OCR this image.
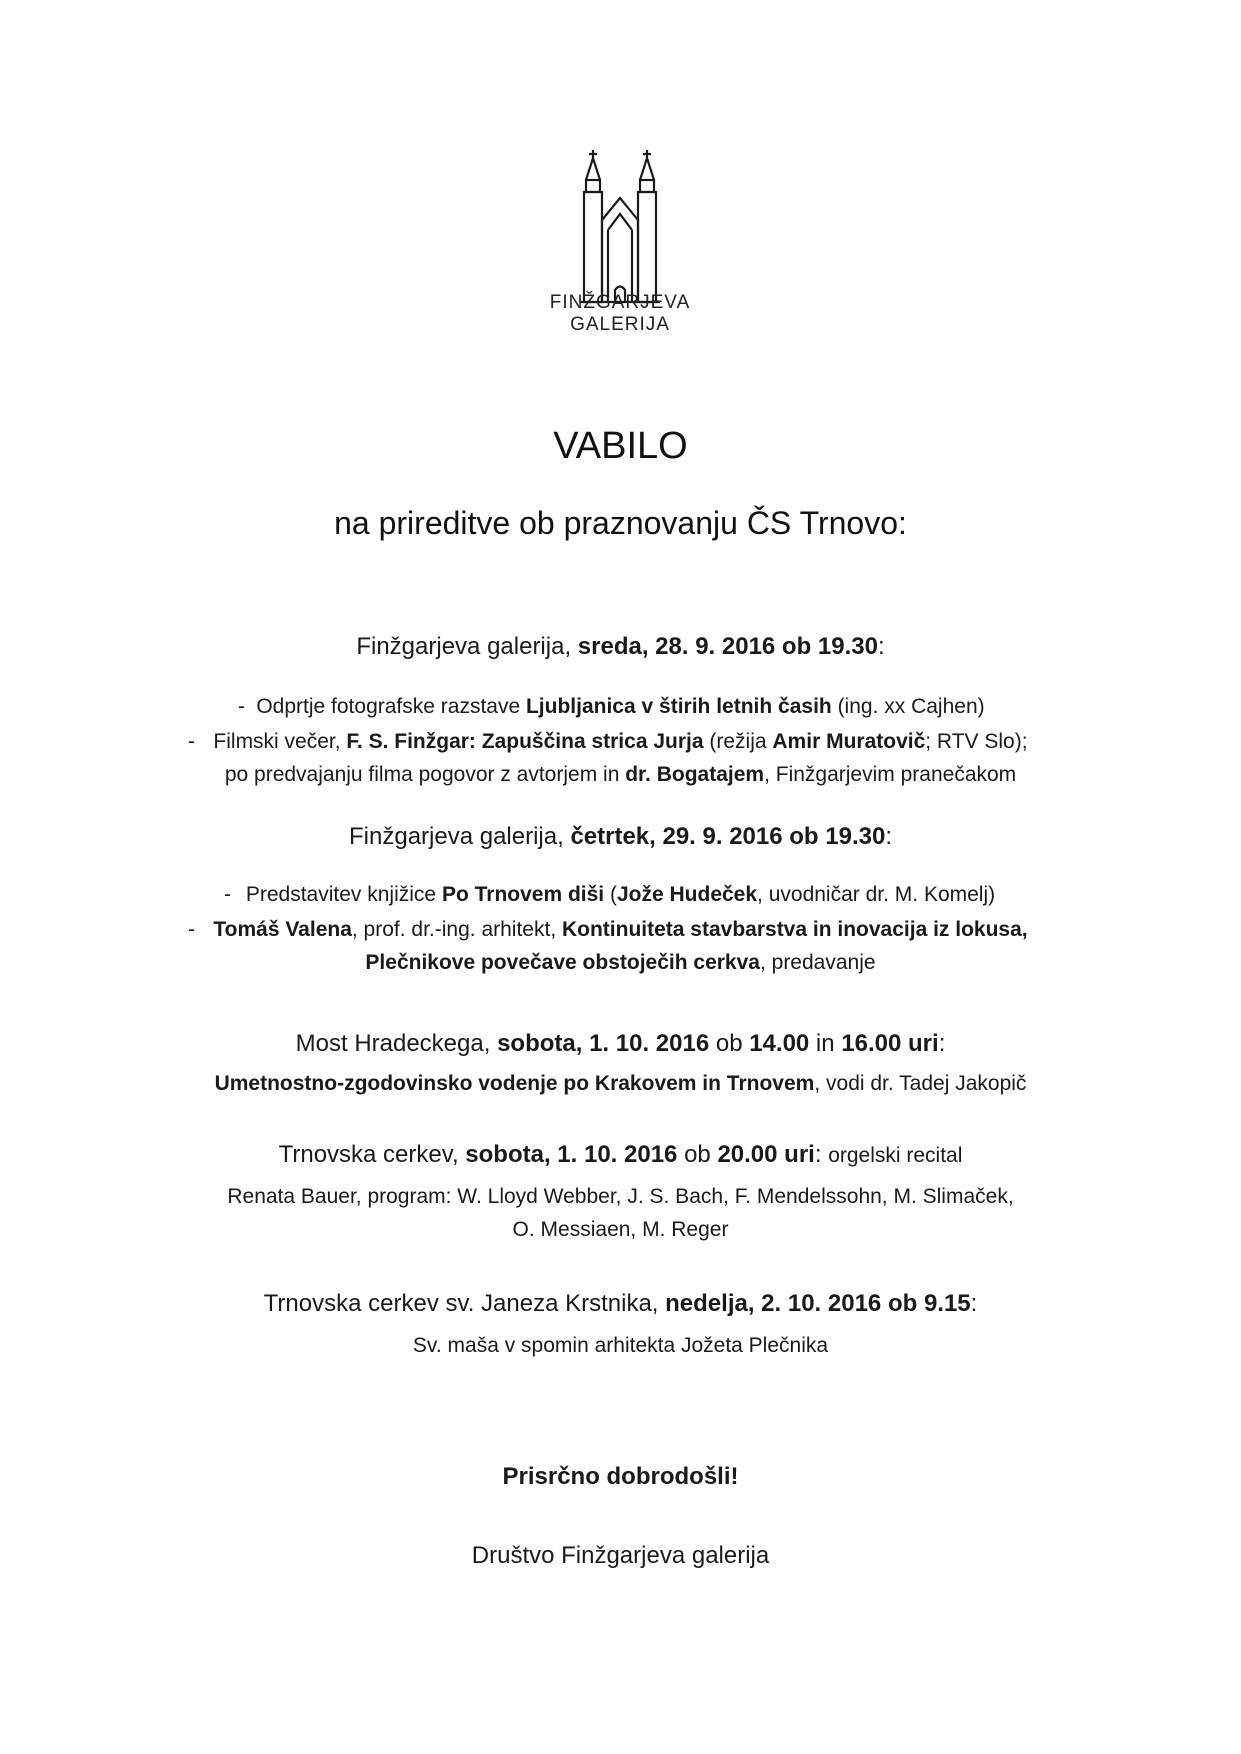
FINŽGARJEVA
GALERIJA
VABILO
na prireditve ob praznovanju ČS Trnovo:
Finžgarjeva galerija, sreda, 28. 9. 2016 ob 19.30:
- Odprtje fotografske razstave Ljubljanica v štirih letnih časih (ing. xx Cajhen)
- Filmski večer, F. S. Finžgar: Zapuščina strica Jurja (režija Amir Muratovič; RTV Slo);
po predvajanju filma pogovor z avtorjem in dr. Bogatajem, Finžgarjevim pranečakom
Finžgarjeva galerija, četrtek, 29. 9. 2016 ob 19.30:
- Predstavitev knjižice Po Trnovem diši (Jože Hudeček, uvodničar dr. M. Komelj)
- Tomáš Valena, prof. dr.-ing. arhitekt, Kontinuiteta stavbarstva in inovacija iz lokusa,
Plečnikove povečave obstoječih cerkva, predavanje
Most Hradeckega, sobota, 1. 10. 2016 ob 14.00 in 16.00 uri:
Umetnostno-zgodovinsko vodenje po Krakovem in Trnovem, vodi dr. Tadej Jakopič
Trnovska cerkev, sobota, 1. 10. 2016 ob 20.00 uri: orgelski recital
Renata Bauer, program: W. Lloyd Webber, J. S. Bach, F. Mendelssohn, M. Slimaček,
O. Messiaen, M. Reger
Trnovska cerkev sv. Janeza Krstnika, nedelja, 2. 10. 2016 ob 9.15:
Sv. maša v spomin arhitekta Jožeta Plečnika
Prisrčno dobrodošli!
Društvo Finžgarjeva galerija
